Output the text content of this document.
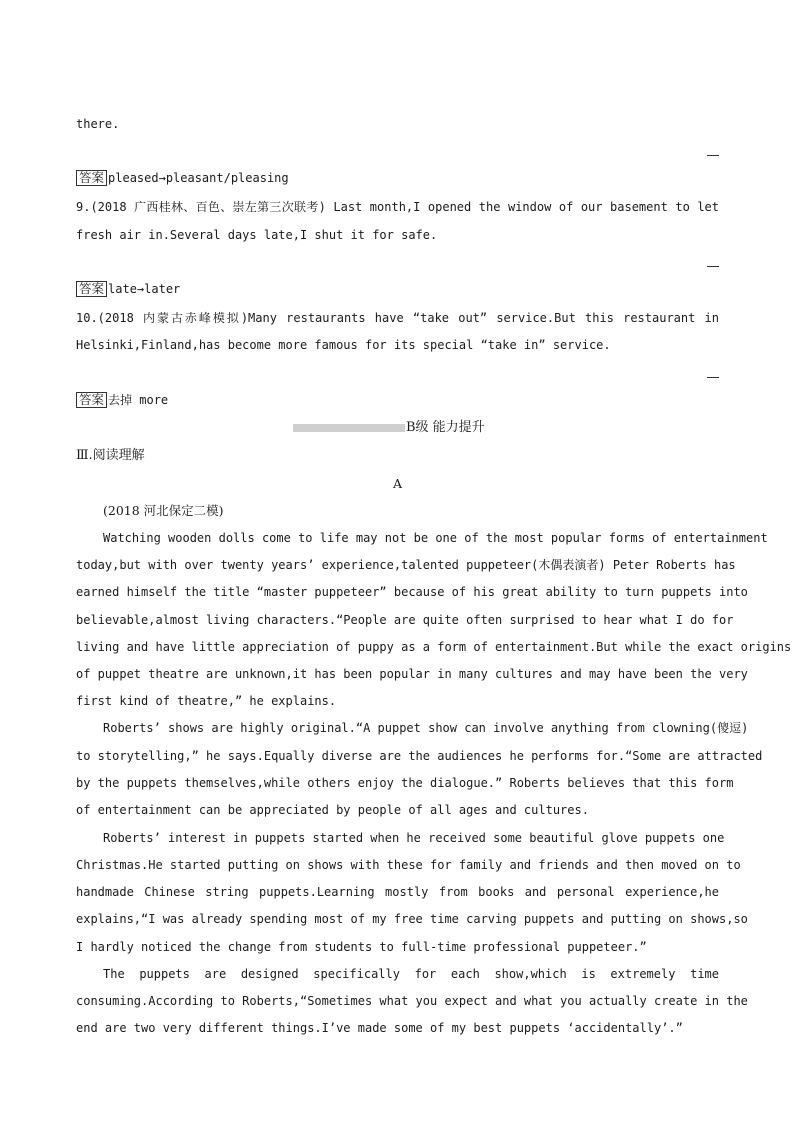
there.
答案 pleased→pleasant/pleasing
9.(2018 广西桂林、百色、崇左第三次联考) Last month,I opened the window of our basement to let
fresh air in.Several days late,I shut it for safe.
答案 late→later
10.(2018 内蒙古赤峰模拟)Many restaurants have “take out” service.But this restaurant in
Helsinki,Finland,has become more famous for its special “take in” service.
答案 去掉 more
B级 能力提升
Ⅲ.阅读理解
A
(2018 河北保定二模)
Watching wooden dolls come to life may not be one of the most popular forms of entertainment
today,but with over twenty years’ experience,talented puppeteer(木偶表演者) Peter Roberts has
earned himself the title “master puppeteer” because of his great ability to turn puppets into
believable,almost living characters.“People are quite often surprised to hear what I do for
living and have little appreciation of puppy as a form of entertainment.But while the exact origins
of puppet theatre are unknown,it has been popular in many cultures and may have been the very
first kind of theatre,” he explains.
Roberts’ shows are highly original.“A puppet show can involve anything from clowning(傻逗)
to storytelling,” he says.Equally diverse are the audiences he performs for.“Some are attracted
by the puppets themselves,while others enjoy the dialogue.” Roberts believes that this form
of entertainment can be appreciated by people of all ages and cultures.
Roberts’ interest in puppets started when he received some beautiful glove puppets one
Christmas.He started putting on shows with these for family and friends and then moved on to
handmade Chinese string puppets.Learning mostly from books and personal experience,he
explains,“I was already spending most of my free time carving puppets and putting on shows,so
I hardly noticed the change from students to full-time professional puppeteer.”
The puppets are designed specifically for each show,which is extremely time
consuming.According to Roberts,“Sometimes what you expect and what you actually create in the
end are two very different things.I’ve made some of my best puppets ‘accidentally’.”
